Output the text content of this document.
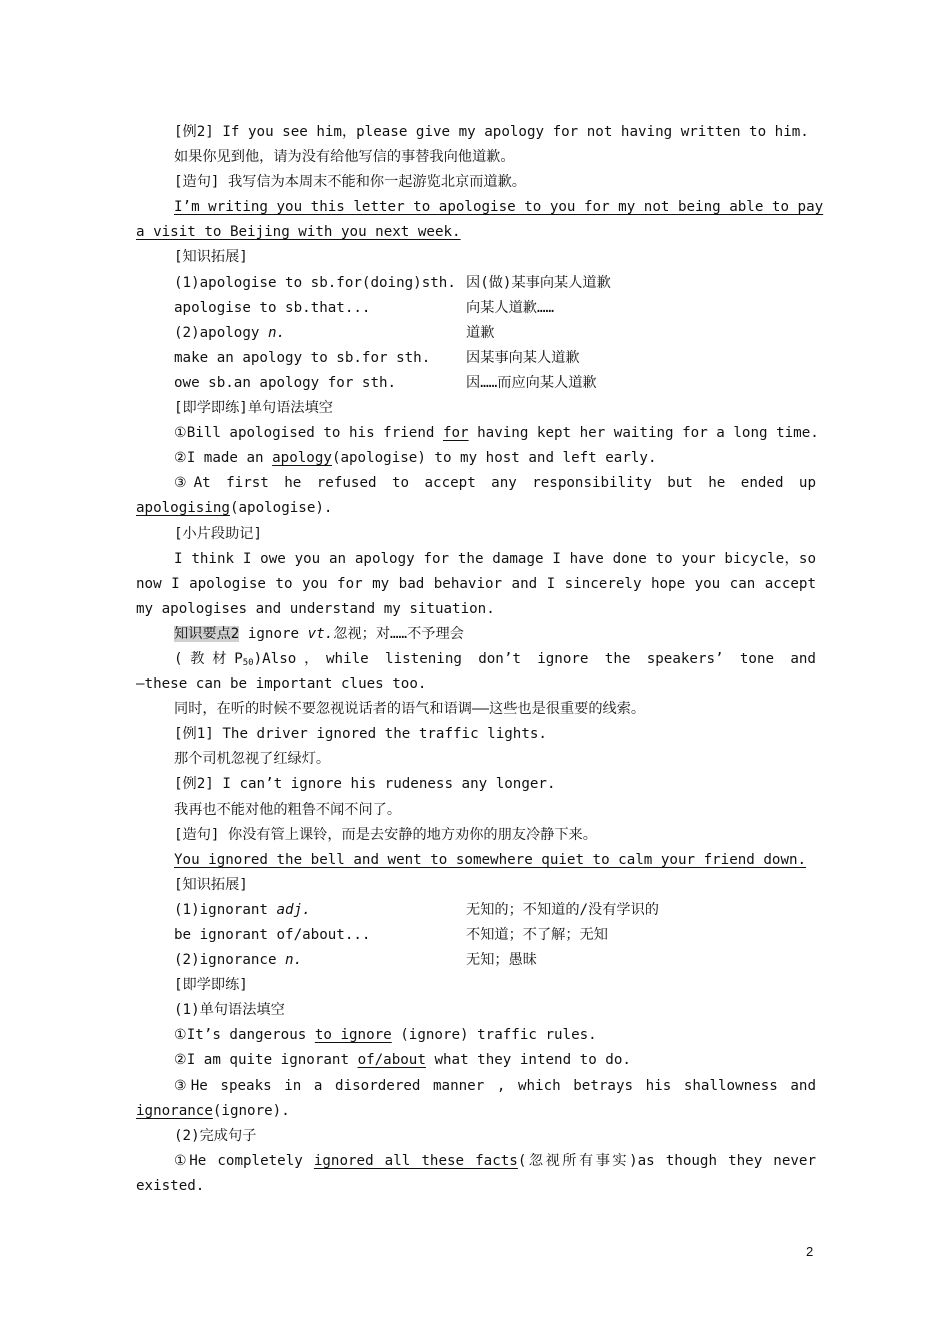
[例2] If you see him，please give my apology for not having written to him.
如果你见到他，请为没有给他写信的事替我向他道歉。
[造句] 我写信为本周末不能和你一起游览北京而道歉。
I’m writing you this letter to apologise to you for my not being able to pay
a visit to Beijing with you next week.
[知识拓展]
(1)apologise to sb.for(doing)sth. 因(做)某事向某人道歉
apologise to sb.that...	向某人道歉……
(2)apology n.	道歉
make an apology to sb.for sth.	因某事向某人道歉
owe sb.an apology for sth.	因……而应向某人道歉
[即学即练]单句语法填空
①Bill apologised to his friend for having kept her waiting for a long time.
②I made an apology(apologise) to my host and left early.
③At first he refused to accept any responsibility but he ended up
apologising(apologise).
[小片段助记]
I think I owe you an apology for the damage I have done to your bicycle，so
now I apologise to you for my bad behavior and I sincerely hope you can accept
my apologises and understand my situation.
知识要点2 ignore vt.忽视；对……不予理会
(教材$P_{50})Also$，while listening don’t ignore the speakers’ tone and
—these can be important clues too.
同时，在听的时候不要忽视说话者的语气和语调——这些也是很重要的线索。
[例1] The driver ignored the traffic lights.
那个司机忽视了红绿灯。
[例2] I can’t ignore his rudeness any longer.
我再也不能对他的粗鲁不闻不问了。
[造句] 你没有管上课铃，而是去安静的地方劝你的朋友冷静下来。
You ignored the bell and went to somewhere quiet to calm your friend down.
[知识拓展]
(1)ignorant adj.	无知的；不知道的/没有学识的
be ignorant of/about...	不知道；不了解；无知
(2)ignorance n.	无知；愚昧
[即学即练]
(1)单句语法填空
①It’s dangerous to ignore (ignore) traffic rules.
②I am quite ignorant of/about what they intend to do.
③He speaks in a disordered manner , which betrays his shallowness and
ignorance(ignore).
(2)完成句子
①He completely ignored all these facts(忽视所有事实)as though they never
existed.
2
